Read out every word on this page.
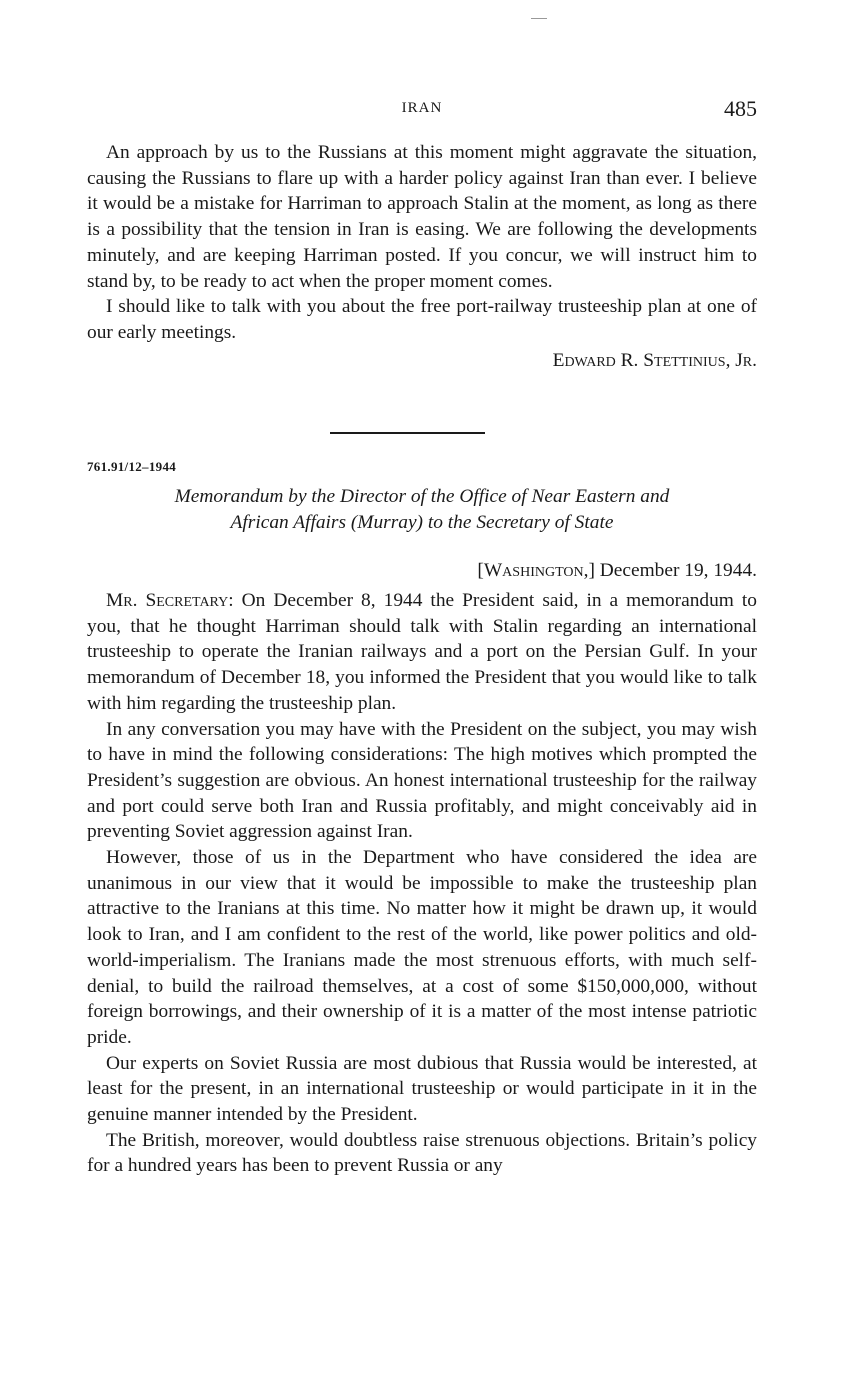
IRAN	485

An approach by us to the Russians at this moment might aggravate the situation, causing the Russians to flare up with a harder policy against Iran than ever. I believe it would be a mistake for Harriman to approach Stalin at the moment, as long as there is a possibility that the tension in Iran is easing. We are following the developments minutely, and are keeping Harriman posted. If you concur, we will instruct him to stand by, to be ready to act when the proper moment comes.

I should like to talk with you about the free port-railway trusteeship plan at one of our early meetings.

Edward R. Stettinius, Jr.
761.91/12–1944
Memorandum by the Director of the Office of Near Eastern and
African Affairs (Murray) to the Secretary of State
[Washington,] December 19, 1944.

Mr. Secretary: On December 8, 1944 the President said, in a memorandum to you, that he thought Harriman should talk with Stalin regarding an international trusteeship to operate the Iranian railways and a port on the Persian Gulf. In your memorandum of December 18, you informed the President that you would like to talk with him regarding the trusteeship plan.

In any conversation you may have with the President on the subject, you may wish to have in mind the following considerations: The high motives which prompted the President’s suggestion are obvious. An honest international trusteeship for the railway and port could serve both Iran and Russia profitably, and might conceivably aid in preventing Soviet aggression against Iran.

However, those of us in the Department who have considered the idea are unanimous in our view that it would be impossible to make the trusteeship plan attractive to the Iranians at this time. No matter how it might be drawn up, it would look to Iran, and I am confident to the rest of the world, like power politics and old-world-imperialism. The Iranians made the most strenuous efforts, with much self-denial, to build the railroad themselves, at a cost of some $150,000,000, without foreign borrowings, and their ownership of it is a matter of the most intense patriotic pride.

Our experts on Soviet Russia are most dubious that Russia would be interested, at least for the present, in an international trusteeship or would participate in it in the genuine manner intended by the President.

The British, moreover, would doubtless raise strenuous objections. Britain’s policy for a hundred years has been to prevent Russia or any
